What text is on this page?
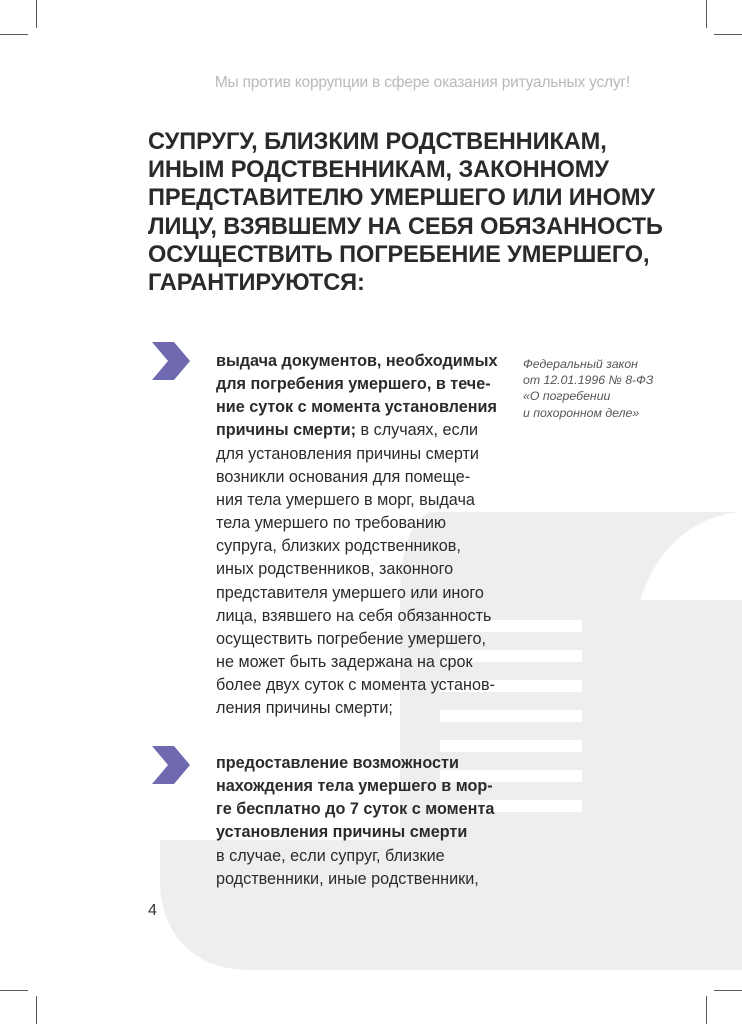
Мы против коррупции в сфере оказания ритуальных услуг!
СУПРУГУ, БЛИЗКИМ РОДСТВЕННИКАМ,
ИНЫМ РОДСТВЕННИКАМ, ЗАКОННОМУ
ПРЕДСТАВИТЕЛЮ УМЕРШЕГО ИЛИ ИНОМУ
ЛИЦУ, ВЗЯВШЕМУ НА СЕБЯ ОБЯЗАННОСТЬ
ОСУЩЕСТВИТЬ ПОГРЕБЕНИЕ УМЕРШЕГО,
ГАРАНТИРУЮТСЯ:
выдача документов, необходимых
для погребения умершего, в тече-
ние суток с момента установления
причины смерти; в случаях, если
для установления причины смерти
возникли основания для помеще-
ния тела умершего в морг, выдача
тела умершего по требованию
супруга, близких родственников,
иных родственников, законного
представителя умершего или иного
лица, взявшего на себя обязанность
осуществить погребение умершего,
не может быть задержана на срок
более двух суток с момента установ-
ления причины смерти;
Федеральный закон
от 12.01.1996 № 8-ФЗ
«О погребении
и похоронном деле»
предоставление возможности
нахождения тела умершего в мор-
ге бесплатно до 7 суток с момента
установления причины смерти
в случае, если супруг, близкие
родственники, иные родственники,
4
